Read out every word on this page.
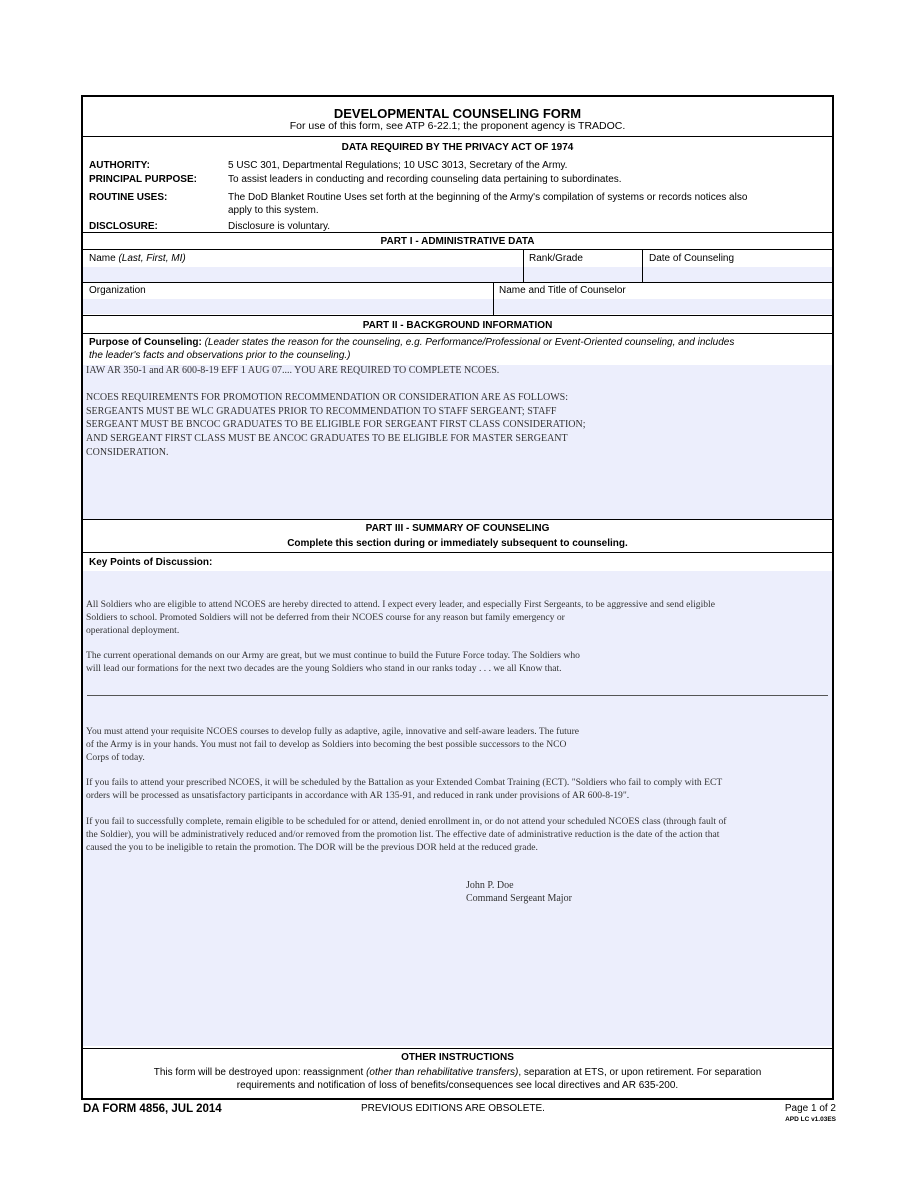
DEVELOPMENTAL COUNSELING FORM
For use of this form, see ATP 6-22.1; the proponent agency is TRADOC.
DATA REQUIRED BY THE PRIVACY ACT OF 1974
AUTHORITY:	5 USC 301, Departmental Regulations; 10 USC 3013, Secretary of the Army.
PRINCIPAL PURPOSE:	To assist leaders in conducting and recording counseling data pertaining to subordinates.
ROUTINE USES:	The DoD Blanket Routine Uses set forth at the beginning of the Army's compilation of systems or records notices also
apply to this system.
DISCLOSURE:	Disclosure is voluntary.
PART I - ADMINISTRATIVE DATA
Name (Last, First, MI)	Rank/Grade	Date of Counseling
Organization	Name and Title of Counselor
PART II - BACKGROUND INFORMATION
Purpose of Counseling: (Leader states the reason for the counseling, e.g. Performance/Professional or Event-Oriented counseling, and includes
the leader's facts and observations prior to the counseling.)
IAW AR 350-1 and AR 600-8-19 EFF 1 AUG 07.... YOU ARE REQUIRED TO COMPLETE NCOES.
NCOES REQUIREMENTS FOR PROMOTION RECOMMENDATION OR CONSIDERATION ARE AS FOLLOWS:
SERGEANTS MUST BE WLC GRADUATES PRIOR TO RECOMMENDATION TO STAFF SERGEANT; STAFF
SERGEANT MUST BE BNCOC GRADUATES TO BE ELIGIBLE FOR SERGEANT FIRST CLASS CONSIDERATION;
AND SERGEANT FIRST CLASS MUST BE ANCOC GRADUATES TO BE ELIGIBLE FOR MASTER SERGEANT
CONSIDERATION.
PART III - SUMMARY OF COUNSELING
Complete this section during or immediately subsequent to counseling.
Key Points of Discussion:
All Soldiers who are eligible to attend NCOES are hereby directed to attend. I expect every leader, and especially First Sergeants, to be aggressive and send eligible
Soldiers to school. Promoted Soldiers will not be deferred from their NCOES course for any reason but family emergency or
operational deployment.
The current operational demands on our Army are great, but we must continue to build the Future Force today. The Soldiers who
will lead our formations for the next two decades are the young Soldiers who stand in our ranks today . . . we all Know that.
You must attend your requisite NCOES courses to develop fully as adaptive, agile, innovative and self-aware leaders. The future
of the Army is in your hands. You must not fail to develop as Soldiers into becoming the best possible successors to the NCO
Corps of today.
If you fails to attend your prescribed NCOES, it will be scheduled by the Battalion as your Extended Combat Training (ECT). "Soldiers who fail to comply with ECT
orders will be processed as unsatisfactory participants in accordance with AR 135-91, and reduced in rank under provisions of AR 600-8-19".
If you fail to successfully complete, remain eligible to be scheduled for or attend, denied enrollment in, or do not attend your scheduled NCOES class (through fault of
the Soldier), you will be administratively reduced and/or removed from the promotion list. The effective date of administrative reduction is the date of the action that
caused the you to be ineligible to retain the promotion. The DOR will be the previous DOR held at the reduced grade.
John P. Doe
Command Sergeant Major
OTHER INSTRUCTIONS
This form will be destroyed upon: reassignment (other than rehabilitative transfers), separation at ETS, or upon retirement. For separation
requirements and notification of loss of benefits/consequences see local directives and AR 635-200.
DA FORM 4856, JUL 2014	PREVIOUS EDITIONS ARE OBSOLETE.	Page 1 of 2
APD LC v1.03ES
